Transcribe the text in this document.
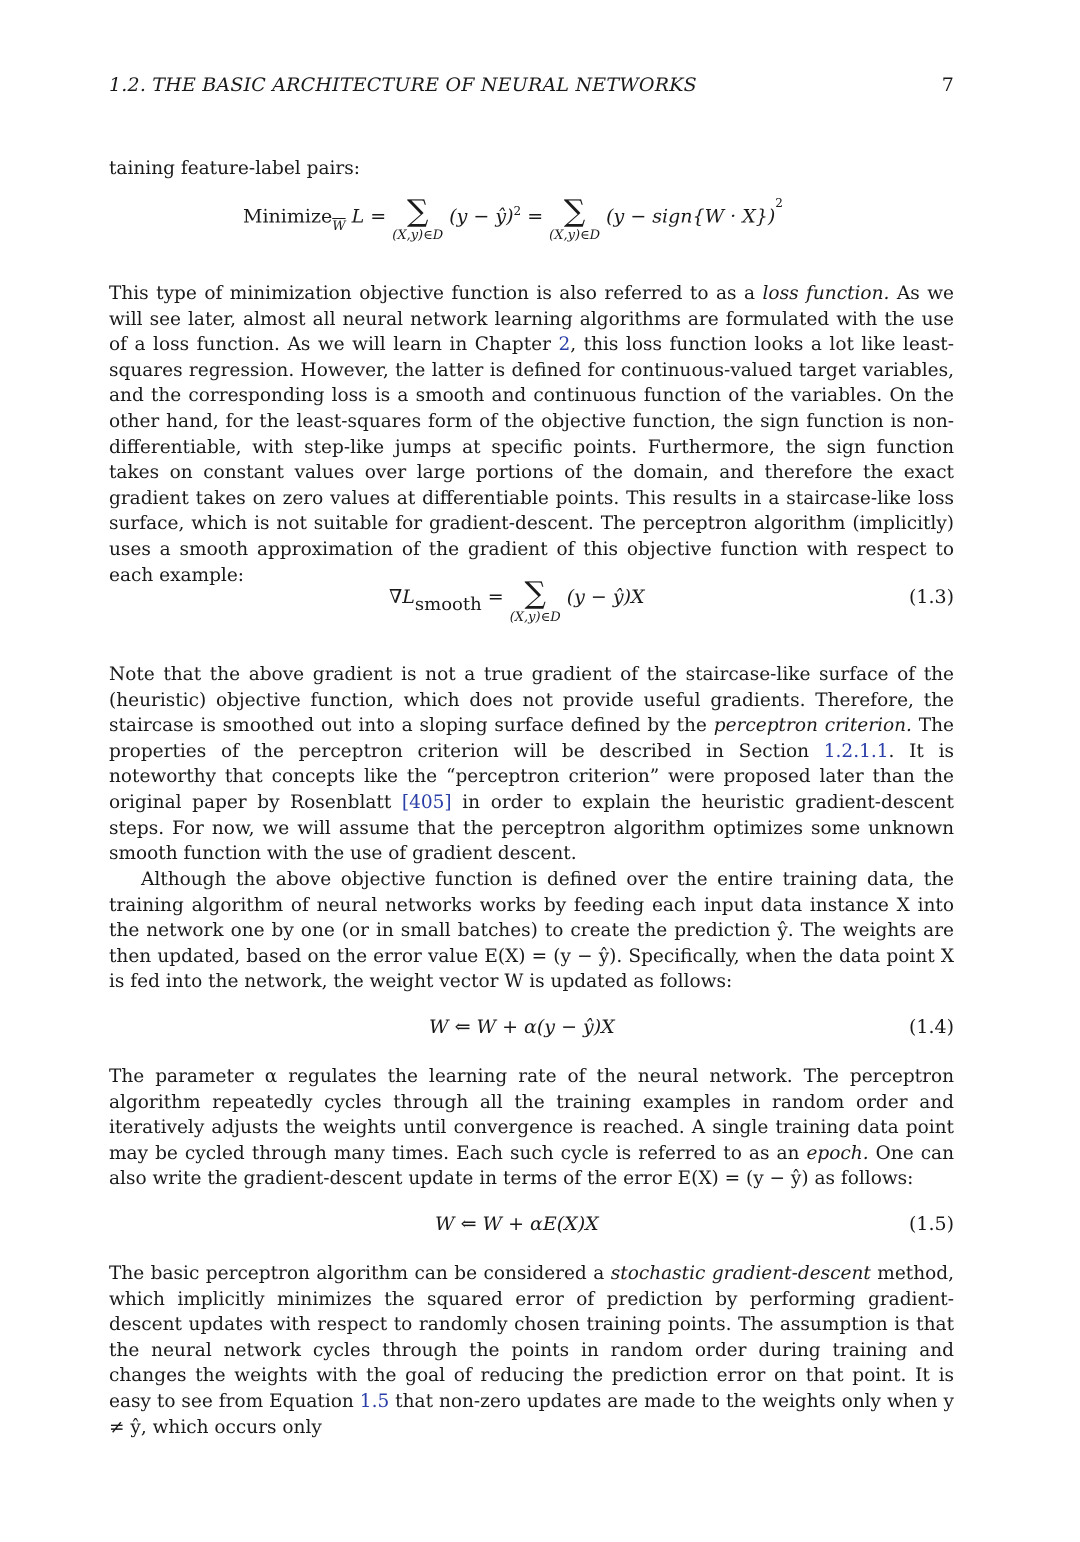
1.2. THE BASIC ARCHITECTURE OF NEURAL NETWORKS	7
taining feature-label pairs:
Minimize$_{\overline{W}}$ L = ∑
(X,y)∈D
(y − ŷ)$^2$ = ∑
(X,y)∈D
(y − sign{W · X})$^2$
This type of minimization objective function is also referred to as a loss function. As we will see later, almost all neural network learning algorithms are formulated with the use of a loss function. As we will learn in Chapter 2, this loss function looks a lot like least-squares regression. However, the latter is defined for continuous-valued target variables, and the corresponding loss is a smooth and continuous function of the variables. On the other hand, for the least-squares form of the objective function, the sign function is non-differentiable, with step-like jumps at specific points. Furthermore, the sign function takes on constant values over large portions of the domain, and therefore the exact gradient takes on zero values at differentiable points. This results in a staircase-like loss surface, which is not suitable for gradient-descent. The perceptron algorithm (implicitly) uses a smooth approximation of the gradient of this objective function with respect to each example:
∇Lsmooth = ∑
(X,y)∈D
(y − ŷ)X	(1.3)
Note that the above gradient is not a true gradient of the staircase-like surface of the (heuristic) objective function, which does not provide useful gradients. Therefore, the staircase is smoothed out into a sloping surface defined by the perceptron criterion. The properties of the perceptron criterion will be described in Section 1.2.1.1. It is noteworthy that concepts like the “perceptron criterion” were proposed later than the original paper by Rosenblatt [405] in order to explain the heuristic gradient-descent steps. For now, we will assume that the perceptron algorithm optimizes some unknown smooth function with the use of gradient descent.
Although the above objective function is defined over the entire training data, the training algorithm of neural networks works by feeding each input data instance X into the network one by one (or in small batches) to create the prediction ŷ. The weights are then updated, based on the error value E(X) = (y − ŷ). Specifically, when the data point X is fed into the network, the weight vector W is updated as follows:
W ⇐ W + α(y − ŷ)X	(1.4)
The parameter α regulates the learning rate of the neural network. The perceptron algorithm repeatedly cycles through all the training examples in random order and iteratively adjusts the weights until convergence is reached. A single training data point may be cycled through many times. Each such cycle is referred to as an epoch. One can also write the gradient-descent update in terms of the error E(X) = (y − ŷ) as follows:
W ⇐ W + αE(X)X	(1.5)
The basic perceptron algorithm can be considered a stochastic gradient-descent method, which implicitly minimizes the squared error of prediction by performing gradient-descent updates with respect to randomly chosen training points. The assumption is that the neural network cycles through the points in random order during training and changes the weights with the goal of reducing the prediction error on that point. It is easy to see from Equation 1.5 that non-zero updates are made to the weights only when y ≠ ŷ, which occurs only
